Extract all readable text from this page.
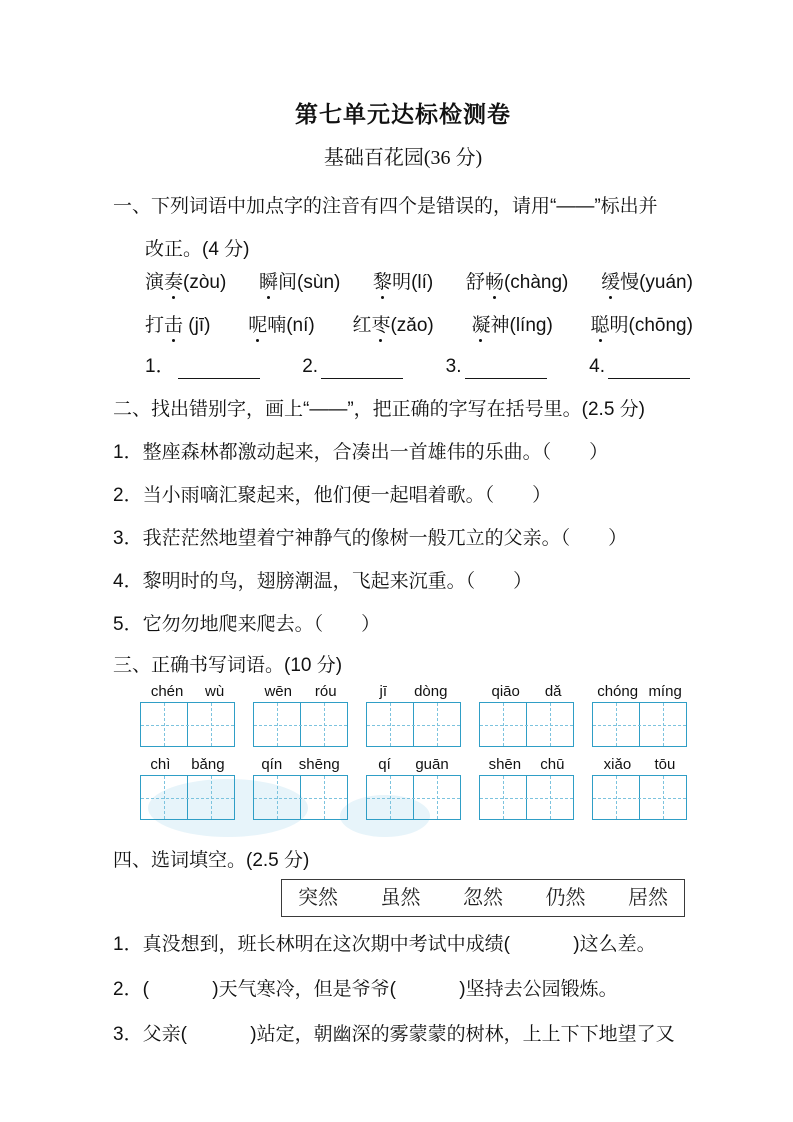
第七单元达标检测卷
基础百花园(36 分)
一、下列词语中加点字的注音有四个是错误的，请用“——”标出并
改正。(4 分)
演奏(zòu) 瞬间(sùn) 黎明(lí) 舒畅(chàng) 缓慢(yuán)
打击 (jī) 呢喃(ní) 红枣(zǎo) 凝神(líng) 聪明(chōng)
1．	2.	3.	4.
二、找出错别字，画上“——”，把正确的字写在括号里。(2.5 分)
1．整座森林都激动起来，合凑出一首雄伟的乐曲。（　　）
2．当小雨嘀汇聚起来，他们便一起唱着歌。（　　）
3．我茫茫然地望着宁神静气的像树一般兀立的父亲。（　　）
4．黎明时的鸟，翅膀潮温，飞起来沉重。（　　）
5．它勿勿地爬来爬去。（　　）
三、正确书写词语。(10 分)
chén wù	wēn róu	jī dòng	qiāo dǎ chóng míng
chì bǎng qín shēng	qí guān	shēn chū	xiǎo tōu
四、选词填空。(2.5 分)
突然 虽然 忽然 仍然 居然
1．真没想到，班长林明在这次期中考试中成绩(            )这么差。
2．(            )天气寒冷，但是爷爷(            )坚持去公园锻炼。
3．父亲(            )站定，朝幽深的雾蒙蒙的树林，上上下下地望了又
